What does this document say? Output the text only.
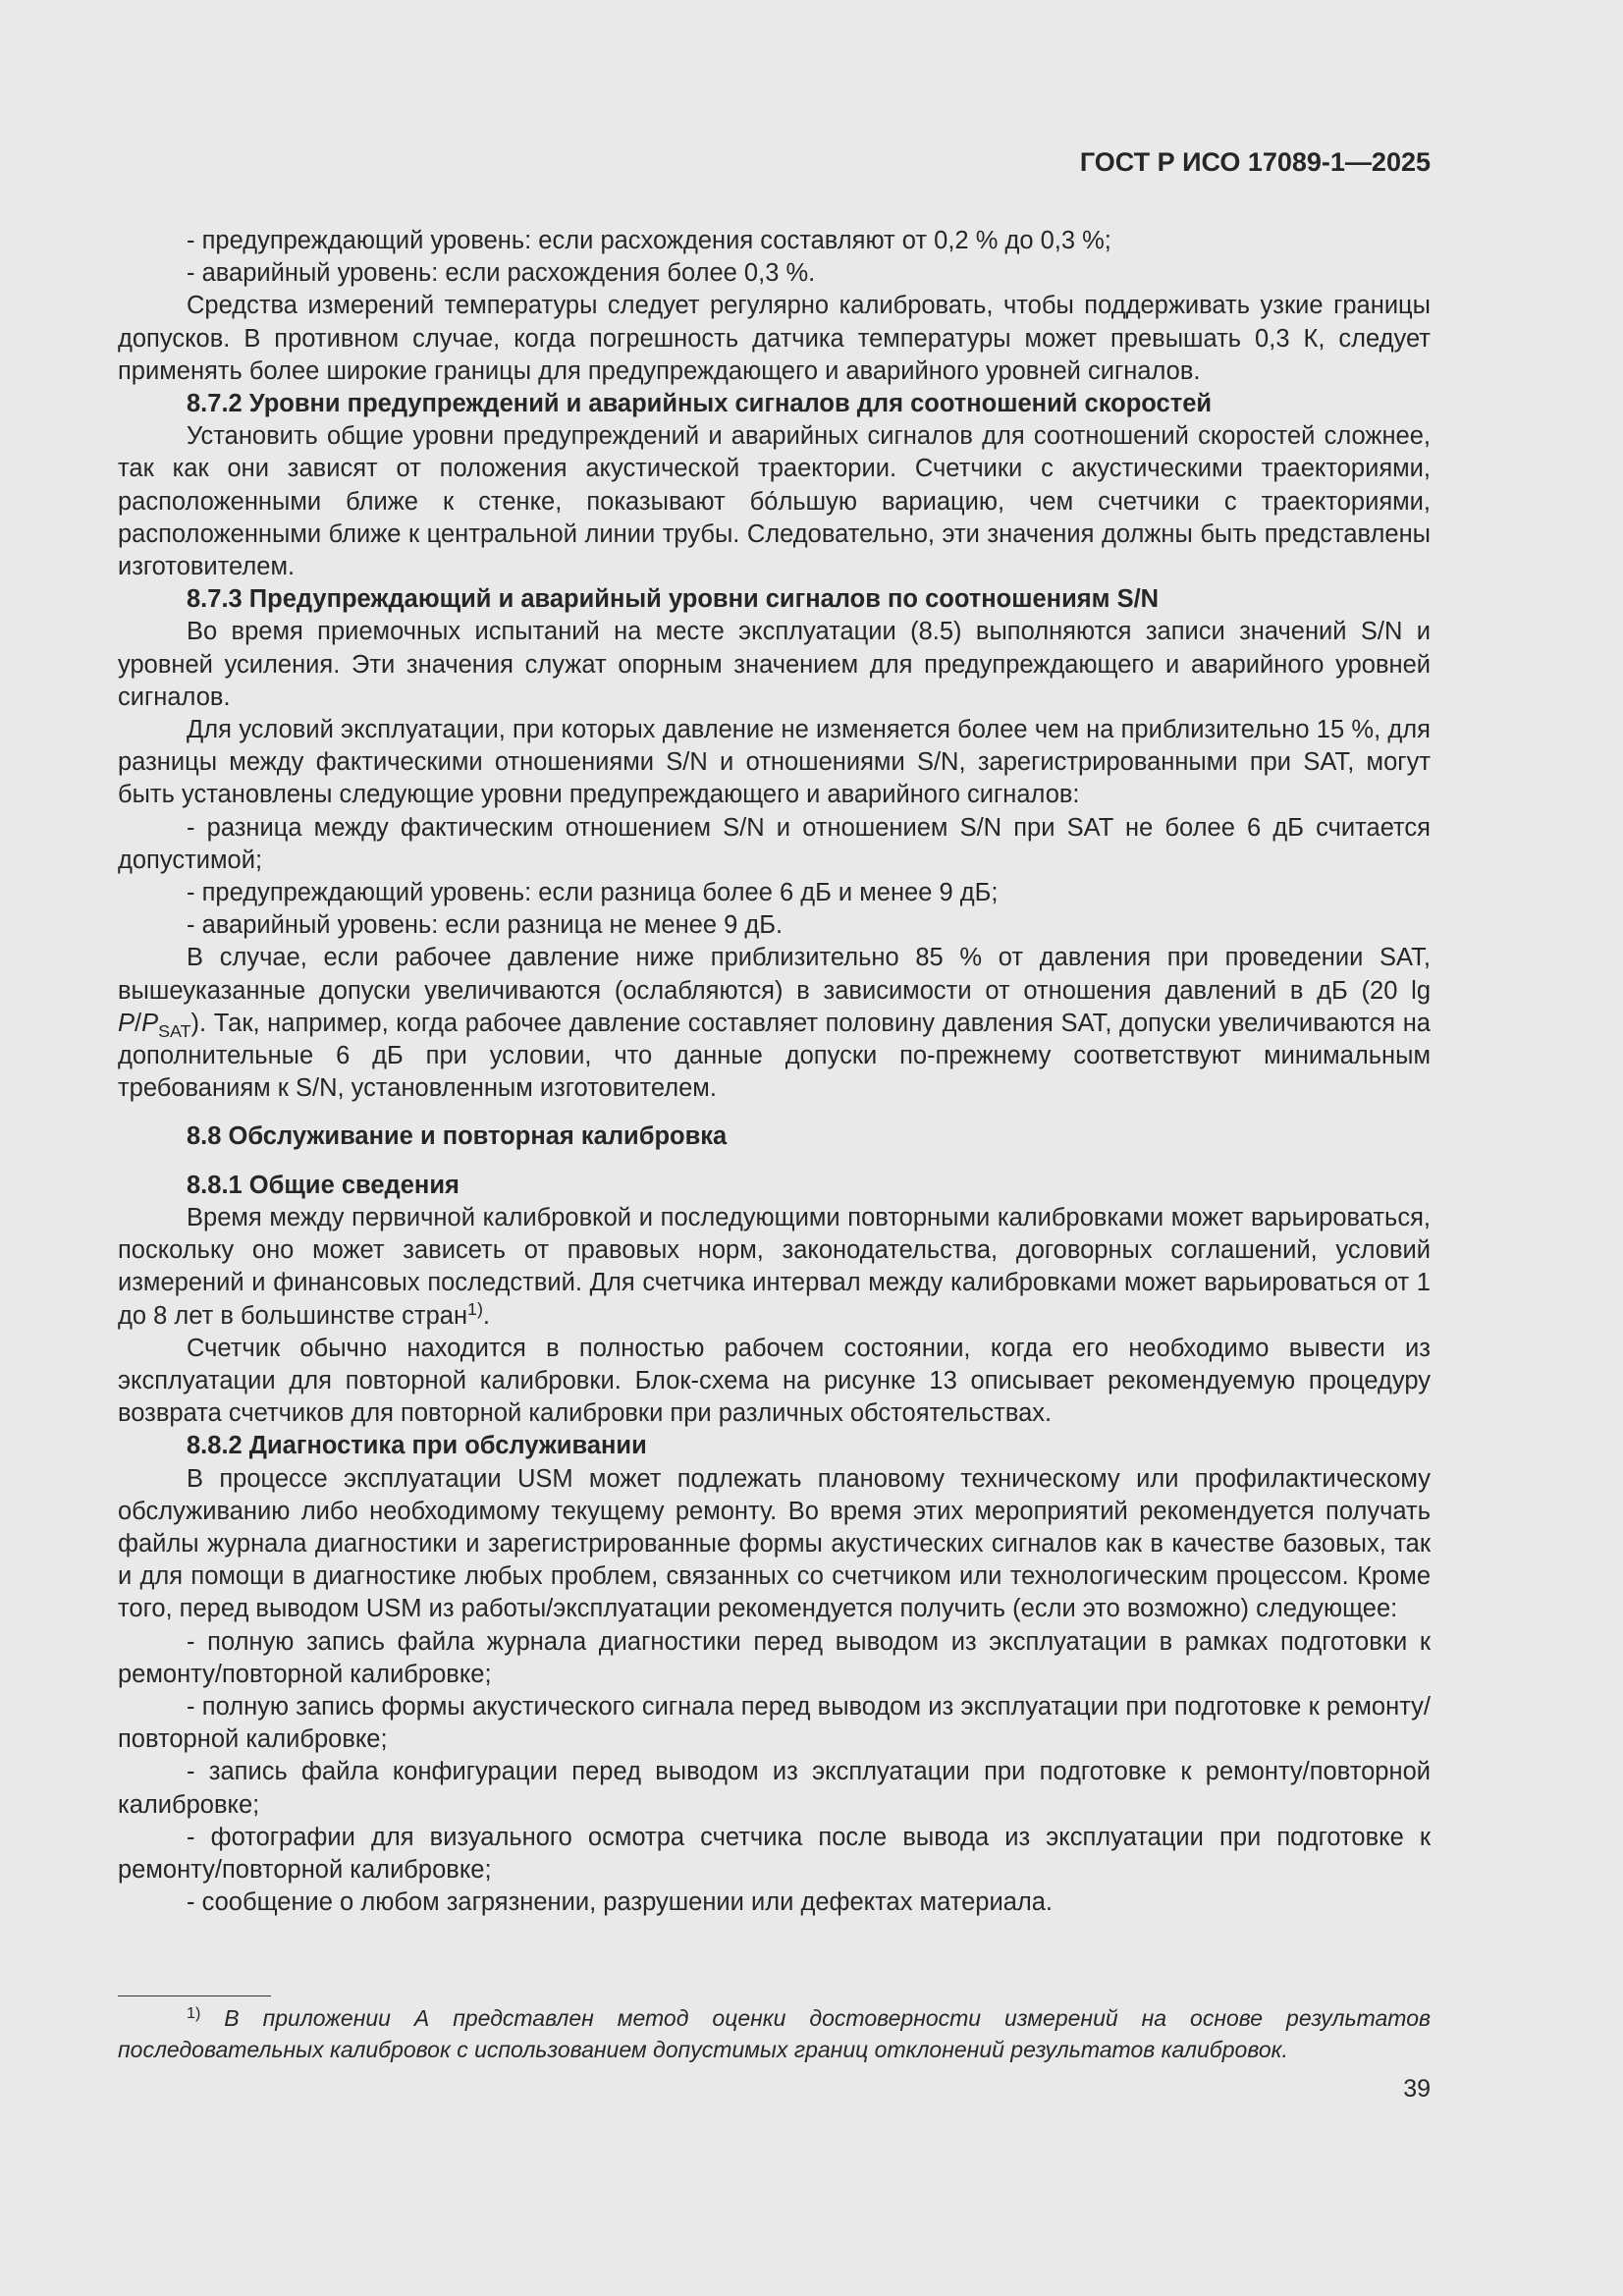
ГОСТ Р ИСО 17089-1—2025

- предупреждающий уровень: если расхождения составляют от 0,2 % до 0,3 %;

- аварийный уровень: если расхождения более 0,3 %.

Средства измерений температуры следует регулярно калибровать, чтобы поддерживать узкие границы допусков. В противном случае, когда погрешность датчика температуры может превышать 0,3 К, следует применять более широкие границы для предупреждающего и аварийного уровней сигналов.

8.7.2 Уровни предупреждений и аварийных сигналов для соотношений скоростей

Установить общие уровни предупреждений и аварийных сигналов для соотношений скоростей сложнее, так как они зависят от положения акустической траектории. Счетчики с акустическими траекториями, расположенными ближе к стенке, показывают бо́льшую вариацию, чем счетчики с траекториями, расположенными ближе к центральной линии трубы. Следовательно, эти значения должны быть представлены изготовителем.

8.7.3 Предупреждающий и аварийный уровни сигналов по соотношениям S/N

Во время приемочных испытаний на месте эксплуатации (8.5) выполняются записи значений S/N и уровней усиления. Эти значения служат опорным значением для предупреждающего и аварийного уровней сигналов.

Для условий эксплуатации, при которых давление не изменяется более чем на приблизительно 15 %, для разницы между фактическими отношениями S/N и отношениями S/N, зарегистрированными при SAT, могут быть установлены следующие уровни предупреждающего и аварийного сигналов:

- разница между фактическим отношением S/N и отношением S/N при SAT не более 6 дБ считается допустимой;

- предупреждающий уровень: если разница более 6 дБ и менее 9 дБ;

- аварийный уровень: если разница не менее 9 дБ.

В случае, если рабочее давление ниже приблизительно 85 % от давления при проведении SAT, вышеуказанные допуски увеличиваются (ослабляются) в зависимости от отношения давлений в дБ (20 $\lg P/P_{SAT}$). Так, например, когда рабочее давление составляет половину давления SAT, допуски увеличиваются на дополнительные 6 дБ при условии, что данные допуски по-прежнему соответствуют минимальным требованиям к S/N, установленным изготовителем.

8.8 Обслуживание и повторная калибровка

8.8.1 Общие сведения

Время между первичной калибровкой и последующими повторными калибровками может варьироваться, поскольку оно может зависеть от правовых норм, законодательства, договорных соглашений, условий измерений и финансовых последствий. Для счетчика интервал между калибровками может варьироваться от 1 до 8 лет в большинстве стран$^{1)}$.

Счетчик обычно находится в полностью рабочем состоянии, когда его необходимо вывести из эксплуатации для повторной калибровки. Блок-схема на рисунке 13 описывает рекомендуемую процедуру возврата счетчиков для повторной калибровки при различных обстоятельствах.

8.8.2 Диагностика при обслуживании

В процессе эксплуатации USM может подлежать плановому техническому или профилактическому обслуживанию либо необходимому текущему ремонту. Во время этих мероприятий рекомендуется получать файлы журнала диагностики и зарегистрированные формы акустических сигналов как в качестве базовых, так и для помощи в диагностике любых проблем, связанных со счетчиком или технологическим процессом. Кроме того, перед выводом USM из работы/эксплуатации рекомендуется получить (если это возможно) следующее:

- полную запись файла журнала диагностики перед выводом из эксплуатации в рамках подготовки к ремонту/повторной калибровке;

- полную запись формы акустического сигнала перед выводом из эксплуатации при подготовке к ремонту/повторной калибровке;

- запись файла конфигурации перед выводом из эксплуатации при подготовке к ремонту/повторной калибровке;

- фотографии для визуального осмотра счетчика после вывода из эксплуатации при подготовке к ремонту/повторной калибровке;

- сообщение о любом загрязнении, разрушении или дефектах материала.

$^{1)}$ В приложении А представлен метод оценки достоверности измерений на основе результатов последовательных калибровок с использованием допустимых границ отклонений результатов калибровок.
39
